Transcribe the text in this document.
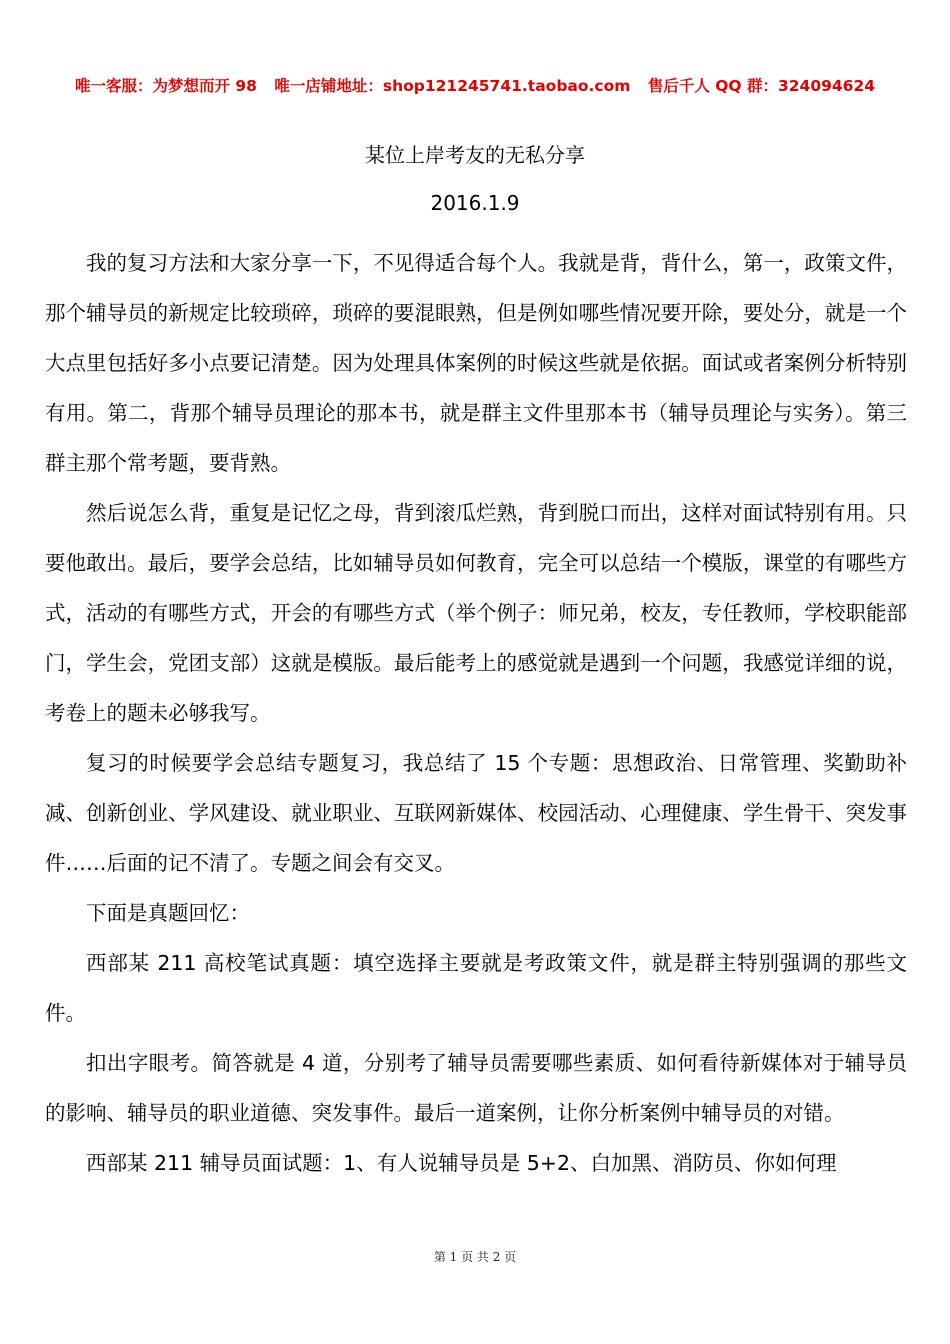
唯一客服：为梦想而开 98 唯一店铺地址：shop121245741.taobao.com 售后千人 QQ 群：324094624
某位上岸考友的无私分享
2016.1.9

我的复习方法和大家分享一下，不见得适合每个人。我就是背，背什么，第一，政策文件，那个辅导员的新规定比较琐碎，琐碎的要混眼熟，但是例如哪些情况要开除，要处分，就是一个大点里包括好多小点要记清楚。因为处理具体案例的时候这些就是依据。面试或者案例分析特别有用。第二，背那个辅导员理论的那本书，就是群主文件里那本书（辅导员理论与实务）。第三群主那个常考题，要背熟。

然后说怎么背，重复是记忆之母，背到滚瓜烂熟，背到脱口而出，这样对面试特别有用。只要他敢出。最后，要学会总结，比如辅导员如何教育，完全可以总结一个模版，课堂的有哪些方式，活动的有哪些方式，开会的有哪些方式（举个例子：师兄弟，校友，专任教师，学校职能部门，学生会，党团支部）这就是模版。最后能考上的感觉就是遇到一个问题，我感觉详细的说，考卷上的题未必够我写。

复习的时候要学会总结专题复习，我总结了 15 个专题：思想政治、日常管理、奖勤助补减、创新创业、学风建设、就业职业、互联网新媒体、校园活动、心理健康、学生骨干、突发事件……后面的记不清了。专题之间会有交叉。

下面是真题回忆：

西部某 211 高校笔试真题：填空选择主要就是考政策文件，就是群主特别强调的那些文件。

扣出字眼考。简答就是 4 道，分别考了辅导员需要哪些素质、如何看待新媒体对于辅导员的影响、辅导员的职业道德、突发事件。最后一道案例，让你分析案例中辅导员的对错。

西部某 211 辅导员面试题：1、有人说辅导员是 5+2、白加黑、消防员、你如何理

第 1 页 共 2 页
